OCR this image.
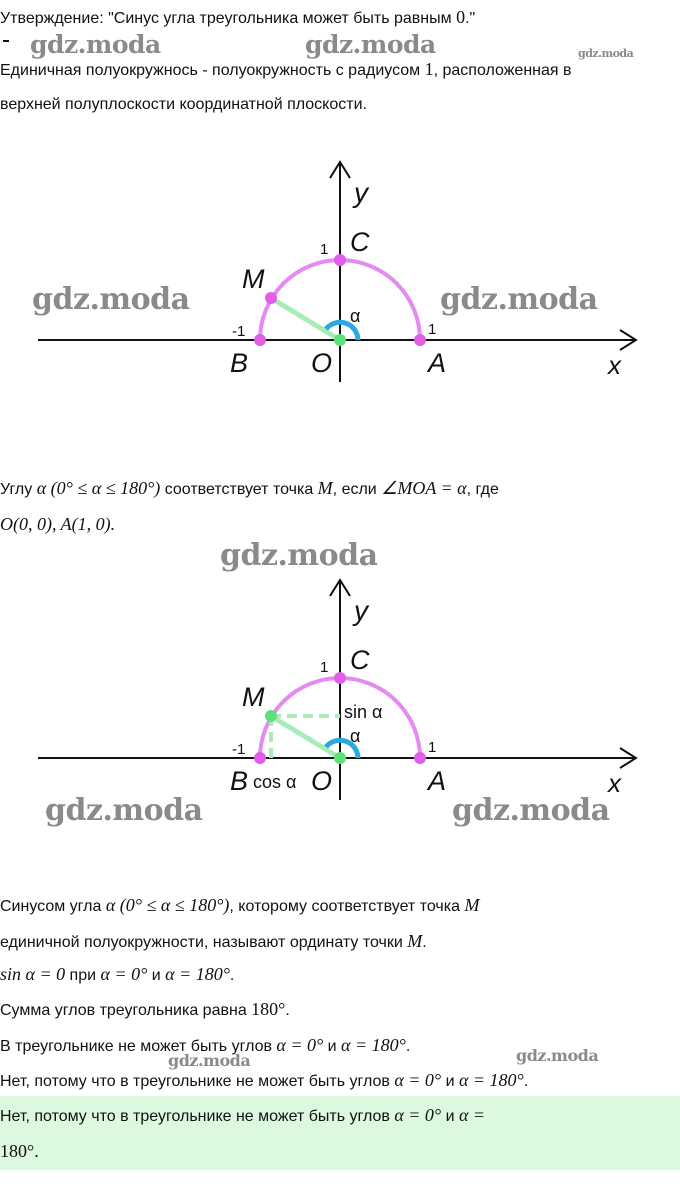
Утверждение: "Синус угла треугольника может быть равным 0."
gdz.moda	gdz.moda	gdz.moda
Единичная полуокружнось - полуокружность с радиусом 1, расположенная в
верхней полуплоскости координатной плоскости.
y
x
C
M
B O	A
1
-1	1
α
gdz.moda	gdz.moda
Углу α (0° ≤ α ≤ 180°) соответствует точка M, если ∠MOA = α, где
O(0, 0), A(1, 0).
gdz.moda
y
x
C
M
B O	A
1
-1	1
α
sin α
cos α
gdz.moda	gdz.moda
Синусом угла α (0° ≤ α ≤ 180°), которому соответствует точка M
единичной полуокружности, называют ординату точки M.
sin α = 0 при α = 0° и α = 180°.
Сумма углов треугольника равна 180°.
В треугольнике не может быть углов α = 0° и α = 180°.
gdz.moda	gdz.moda
Нет, потому что в треугольнике не может быть углов α = 0° и α = 180°.
Нет, потому что в треугольнике не может быть углов α = 0° и α =
180°.
